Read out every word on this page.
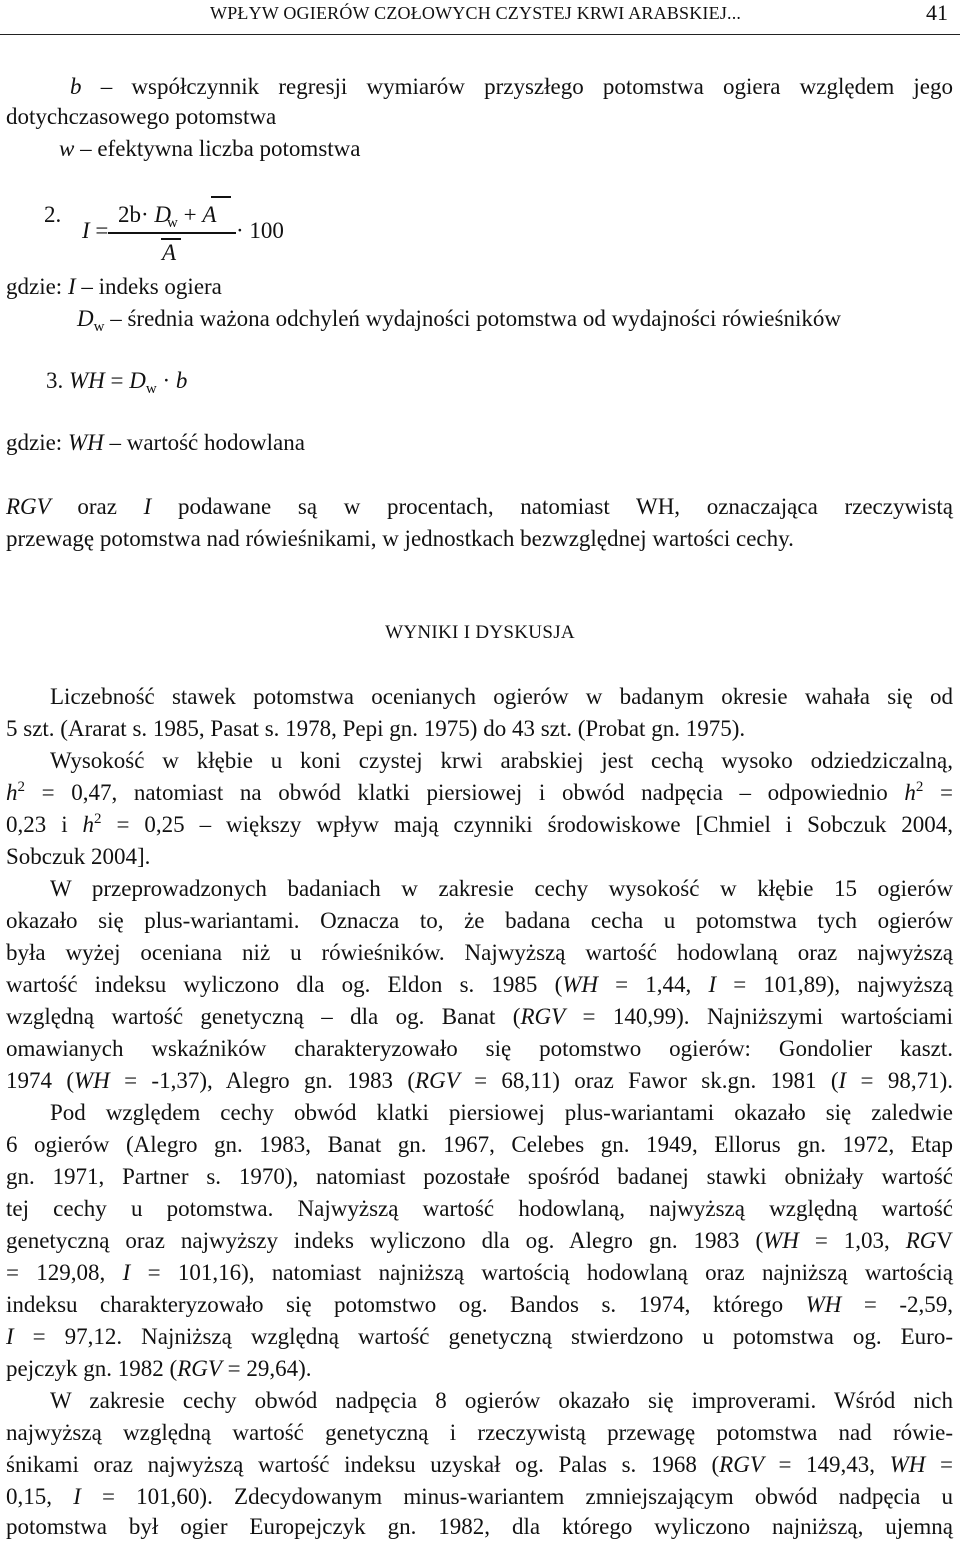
WPŁYW OGIERÓW CZOŁOWYCH CZYSTEJ KRWI ARABSKIEJ...	41
b – współczynnik regresji wymiarów przyszłego potomstwa ogiera względem jego
dotychczasowego potomstwa
w – efektywna liczba potomstwa
2.
I =
$2b\cdot D_w + A$
· 100
A
gdzie: I – indeks ogiera
$D_w$ – średnia ważona odchyleń wydajności potomstwa od wydajności rówieśników
3. WH = $D_w \cdot b$
gdzie: WH – wartość hodowlana
RGV oraz I podawane są w procentach, natomiast WH, oznaczająca rzeczywistą
przewagę potomstwa nad rówieśnikami, w jednostkach bezwzględnej wartości cechy.
WYNIKI I DYSKUSJA
Liczebność stawek potomstwa ocenianych ogierów w badanym okresie wahała się od
5 szt. (Ararat s. 1985, Pasat s. 1978, Pepi gn. 1975) do 43 szt. (Probat gn. 1975).
Wysokość w kłębie u koni czystej krwi arabskiej jest cechą wysoko odziedziczalną,
$h^2 = 0,47$, natomiast na obwód klatki piersiowej i obwód nadpęcia – odpowiednio $h^2$ =
0,23 i $h^2 = 0,25$ – większy wpływ mają czynniki środowiskowe [Chmiel i Sobczuk 2004,
Sobczuk 2004].
W przeprowadzonych badaniach w zakresie cechy wysokość w kłębie 15 ogierów
okazało się plus-wariantami. Oznacza to, że badana cecha u potomstwa tych ogierów
była wyżej oceniana niż u rówieśników. Najwyższą wartość hodowlaną oraz najwyższą
wartość indeksu wyliczono dla og. Eldon s. 1985 (WH = 1,44, I = 101,89), najwyższą
względną wartość genetyczną – dla og. Banat (RGV = 140,99). Najniższymi wartościami
omawianych wskaźników charakteryzowało się potomstwo ogierów: Gondolier kaszt.
1974 (WH = -1,37), Alegro gn. 1983 (RGV = 68,11) oraz Fawor sk.gn. 1981 (I = 98,71).
Pod względem cechy obwód klatki piersiowej plus-wariantami okazało się zaledwie
6 ogierów (Alegro gn. 1983, Banat gn. 1967, Celebes gn. 1949, Ellorus gn. 1972, Etap
gn. 1971, Partner s. 1970), natomiast pozostałe spośród badanej stawki obniżały wartość
tej cechy u potomstwa. Najwyższą wartość hodowlaną, najwyższą względną wartość
genetyczną oraz najwyższy indeks wyliczono dla og. Alegro gn. 1983 (WH = 1,03, RGV
= 129,08, I = 101,16), natomiast najniższą wartością hodowlaną oraz najniższą wartością
indeksu charakteryzowało się potomstwo og. Bandos s. 1974, którego WH = -2,59,
I = 97,12. Najniższą względną wartość genetyczną stwierdzono u potomstwa og. Euro-
pejczyk gn. 1982 (RGV = 29,64).
W zakresie cechy obwód nadpęcia 8 ogierów okazało się improverami. Wśród nich
najwyższą względną wartość genetyczną i rzeczywistą przewagę potomstwa nad rówie-
śnikami oraz najwyższą wartość indeksu uzyskał og. Palas s. 1968 (RGV = 149,43, WH =
0,15, I = 101,60). Zdecydowanym minus-wariantem zmniejszającym obwód nadpęcia u
potomstwa był ogier Europejczyk gn. 1982, dla którego wyliczono najniższą, ujemną
